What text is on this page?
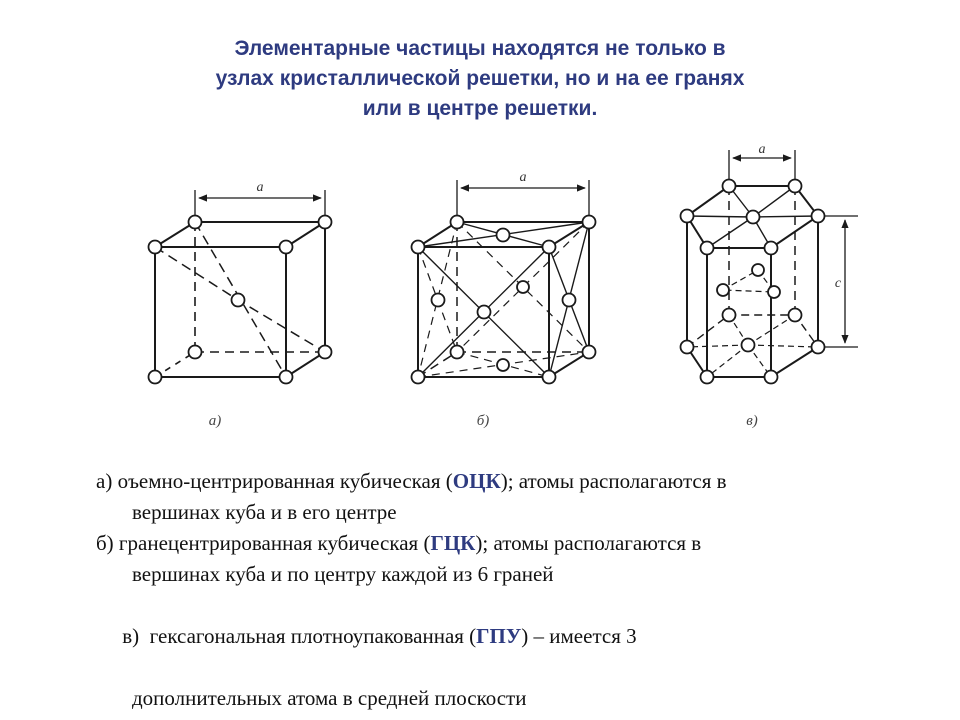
Элементарные частицы находятся не только в
узлах кристаллической решетки, но и на ее гранях
или в центре решетки.
a
а)
a
б)
a
c
в)
а) оъемно-центрированная кубическая (ОЦК); атомы располагаются в
вершинах куба и в его центре
б) гранецентрированная кубическая (ГЦК); атомы располагаются в
вершинах куба и по центру каждой из 6 граней

в)  гексагональная плотноупакованная (ГПУ) – имеется 3

дополнительных атома в средней плоскости
